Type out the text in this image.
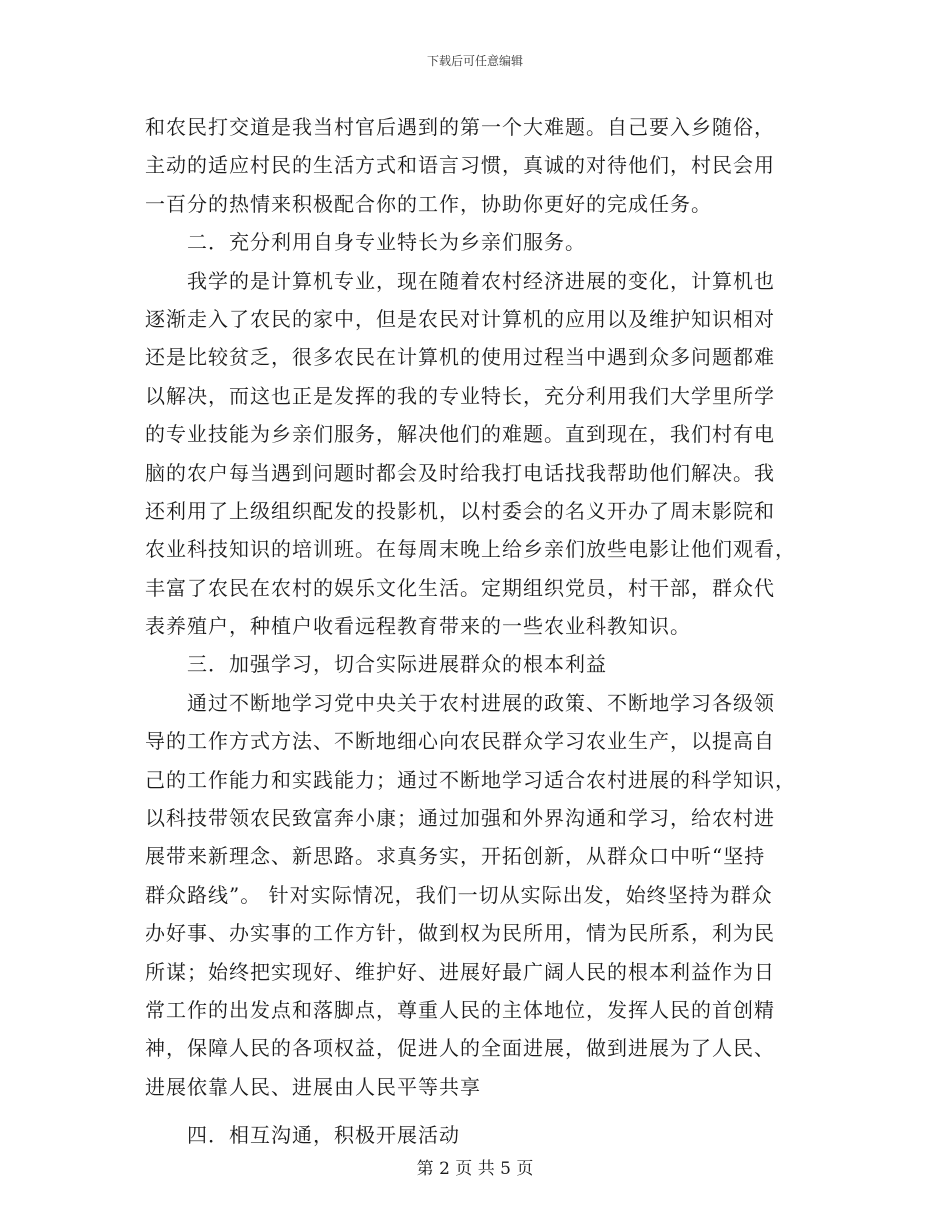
下载后可任意编辑
和农民打交道是我当村官后遇到的第一个大难题。自己要入乡随俗，
主动的适应村民的生活方式和语言习惯，真诚的对待他们，村民会用
一百分的热情来积极配合你的工作，协助你更好的完成任务。
　　二．充分利用自身专业特长为乡亲们服务。
　　我学的是计算机专业，现在随着农村经济进展的变化，计算机也
逐渐走入了农民的家中，但是农民对计算机的应用以及维护知识相对
还是比较贫乏，很多农民在计算机的使用过程当中遇到众多问题都难
以解决，而这也正是发挥的我的专业特长，充分利用我们大学里所学
的专业技能为乡亲们服务，解决他们的难题。直到现在，我们村有电
脑的农户每当遇到问题时都会及时给我打电话找我帮助他们解决。我
还利用了上级组织配发的投影机，以村委会的名义开办了周末影院和
农业科技知识的培训班。在每周末晚上给乡亲们放些电影让他们观看，
丰富了农民在农村的娱乐文化生活。定期组织党员，村干部，群众代
表养殖户，种植户收看远程教育带来的一些农业科教知识。
　　三．加强学习，切合实际进展群众的根本利益
　　通过不断地学习党中央关于农村进展的政策、不断地学习各级领
导的工作方式方法、不断地细心向农民群众学习农业生产，以提高自
己的工作能力和实践能力；通过不断地学习适合农村进展的科学知识，
以科技带领农民致富奔小康；通过加强和外界沟通和学习，给农村进
展带来新理念、新思路。求真务实，开拓创新，从群众口中听“坚持
群众路线”。 针对实际情况，我们一切从实际出发，始终坚持为群众
办好事、办实事的工作方针，做到权为民所用，情为民所系，利为民
所谋；始终把实现好、维护好、进展好最广阔人民的根本利益作为日
常工作的出发点和落脚点，尊重人民的主体地位，发挥人民的首创精
神，保障人民的各项权益，促进人的全面进展，做到进展为了人民、
进展依靠人民、进展由人民平等共享
　　四．相互沟通，积极开展活动
第 2 页 共 5 页
